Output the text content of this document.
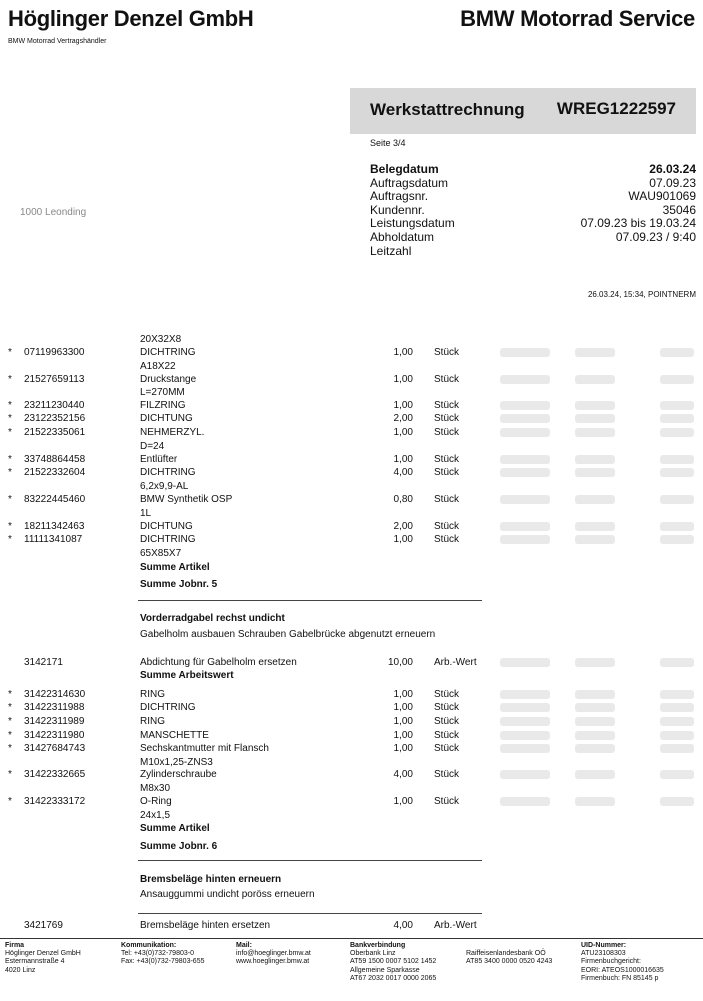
Höglinger Denzel GmbH
BMW Motorrad Vertragshändler
BMW Motorrad Service
Werkstattrechnung WREG1222597
Seite 3/4
Belegdatum	26.03.24
Auftragsdatum	07.09.23
Auftragsnr.	WAU901069
Kundennr.	35046
Leistungsdatum	07.09.23 bis 19.03.24
Abholdatum	07.09.23 / 9:40
Leitzahl
1000 Leonding
26.03.24, 15:34, POINTNERM
20X32X8
* 07119963300	DICHTRING	1,00 Stück
A18X22
* 21527659113	Druckstange	1,00 Stück
L=270MM
* 23211230440	FILZRING	1,00 Stück
* 23122352156	DICHTUNG	2,00 Stück
* 21522335061	NEHMERZYL.	1,00 Stück
D=24
* 33748864458	Entlüfter	1,00 Stück
* 21522332604	DICHTRING	4,00 Stück
6,2x9,9-AL
* 83222445460	BMW Synthetik OSP	0,80 Stück
1L
* 18211342463	DICHTUNG	2,00 Stück
* 11111341087	DICHTRING	1,00 Stück
65X85X7
Summe Artikel
Summe Jobnr. 5
Vorderradgabel rechst undicht
Gabelholm ausbauen Schrauben Gabelbrücke abgenutzt erneuern
3142171	Abdichtung für Gabelholm ersetzen	10,00 Arb.-Wert
Summe Arbeitswert
* 31422314630	RING	1,00 Stück
* 31422311988	DICHTRING	1,00 Stück
* 31422311989	RING	1,00 Stück
* 31422311980	MANSCHETTE	1,00 Stück
* 31427684743	Sechskantmutter mit Flansch	1,00 Stück
M10x1,25-ZNS3
* 31422332665	Zylinderschraube	4,00 Stück
M8x30
* 31422333172	O-Ring	1,00 Stück
24x1,5
Summe Artikel
Summe Jobnr. 6
Bremsbeläge hinten erneuern
Ansauggummi undicht poröss erneuern
3421769	Bremsbeläge hinten ersetzen	4,00 Arb.-Wert
Firma
Höglinger Denzel GmbH
Estermannstraße 4
4020 Linz
Kommunikation:
Tel: +43(0)732-79803-0
Fax: +43(0)732-79803-655
Mail:
info@hoeglinger.bmw.at
www.hoeglinger.bmw.at
Bankverbindung
Oberbank Linz
AT59 1500 0007 5102 1452
Allgemeine Sparkasse
AT67 2032 0017 0000 2065

Raiffeisenlandesbank OÖ
AT85 3400 0000 0520 4243
UID-Nummer:
ATU23108303
Firmenbuchgericht:
EORI: ATEOS1000016635
Firmenbuch: FN 85145 p
